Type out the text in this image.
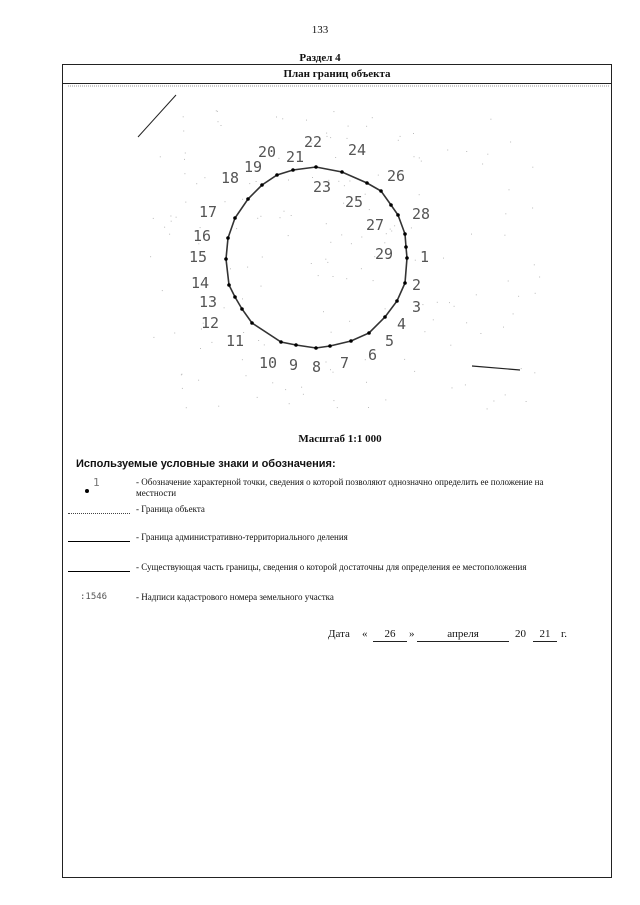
133
Раздел 4
План границ объекта
1
2
3
4
5
6
7
8
9
10
11
12
13
14
15
16
17
18
19
20 21
22
23
24
25
26
27
28
29
Масштаб 1:1 000
Используемые условные знаки и обозначения:
1	- Обозначение характерной точки, сведения о которой позволяют однозначно определить ее положение на местности
- Граница объекта
- Граница административно-территориального деления
- Существующая часть границы, сведения о которой достаточны для определения ее местоположения
:1546	- Надписи кадастрового номера земельного участка
Дата «	26	»	апреля	20	21 г.
